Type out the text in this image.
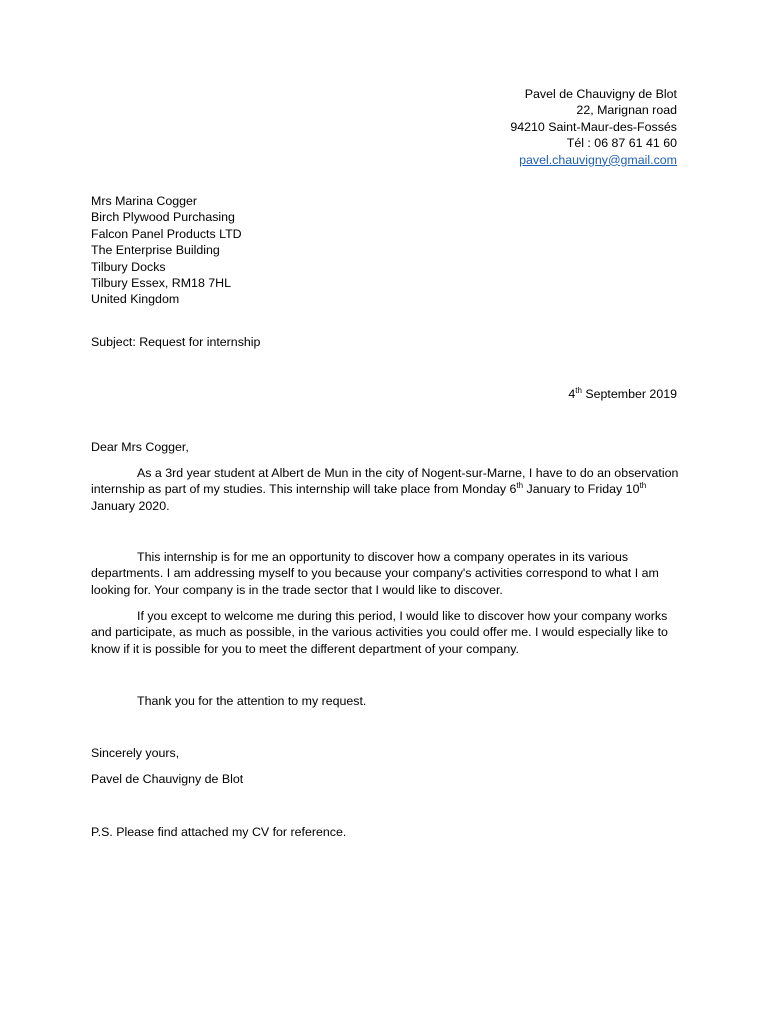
Pavel de Chauvigny de Blot
22, Marignan road
94210 Saint-Maur-des-Fossés
Tél : 06 87 61 41 60
pavel.chauvigny@gmail.com
Mrs Marina Cogger
Birch Plywood Purchasing
Falcon Panel Products LTD
The Enterprise Building
Tilbury Docks
Tilbury Essex, RM18 7HL
United Kingdom
Subject: Request for internship
4th September 2019
Dear Mrs Cogger,
As a 3rd year student at Albert de Mun in the city of Nogent-sur-Marne, I have to do an observation internship as part of my studies. This internship will take place from Monday 6th January to Friday 10th January 2020.
This internship is for me an opportunity to discover how a company operates in its various departments. I am addressing myself to you because your company's activities correspond to what I am looking for. Your company is in the trade sector that I would like to discover.
If you except to welcome me during this period, I would like to discover how your company works and participate, as much as possible, in the various activities you could offer me. I would especially like to know if it is possible for you to meet the different department of your company.
Thank you for the attention to my request.
Sincerely yours,
Pavel de Chauvigny de Blot
P.S. Please find attached my CV for reference.
